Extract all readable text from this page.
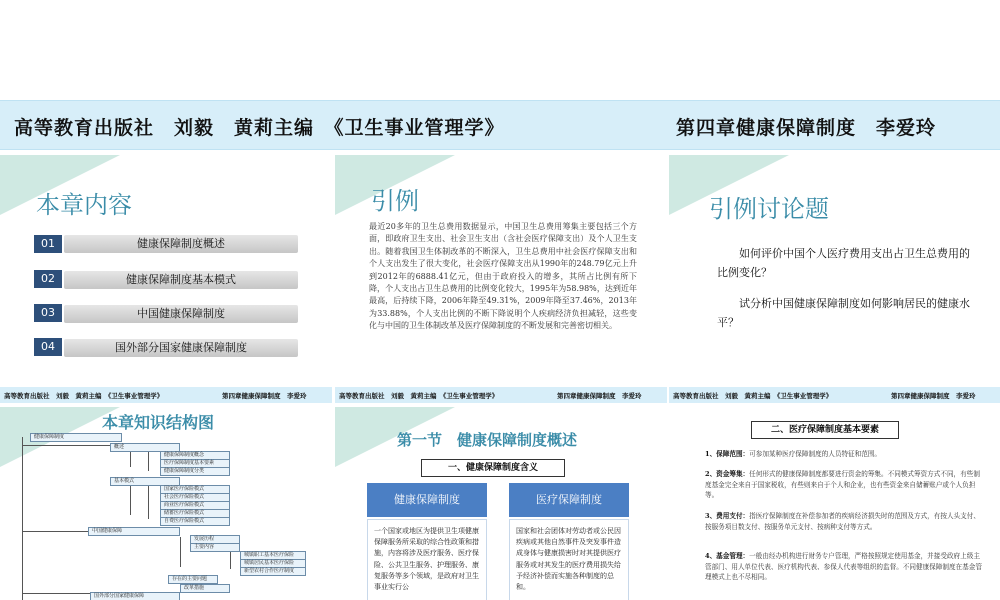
高等教育出版社　刘毅　黄莉主编　《卫生事业管理学》	第四章健康保障制度　李爱玲
本章内容
01	健康保障制度概述
02	健康保障制度基本模式
03	中国健康保障制度
04	国外部分国家健康保障制度
高等教育出版社　刘毅　黄莉主编　《卫生事业管理学》	第四章健康保障制度　李爱玲
引例
最近20多年的卫生总费用数据显示，中国卫生总费用筹集主要包括三个方面，即政府卫生支出、社会卫生支出（含社会医疗保障支出）及个人卫生支出。随着我国卫生体制改革的不断深入，卫生总费用中社会医疗保障支出和个人支出发生了很大变化，社会医疗保障支出从1990年的248.79亿元上升到2012年的6888.41亿元，但由于政府投入的增多，其所占比例有所下降，个人支出占卫生总费用的比例变化较大，1995年为58.98%，达到近年最高，后持续下降，2006年降至49.31%，2009年降至37.46%，2013年为33.88%，个人支出比例的不断下降说明个人疾病经济负担减轻，这些变化与中国的卫生体制改革及医疗保障制度的不断发展和完善密切相关。
高等教育出版社　刘毅　黄莉主编　《卫生事业管理学》	第四章健康保障制度　李爱玲
引例讨论题
　　如何评价中国个人医疗费用支出占卫生总费用的比例变化？
　　试分析中国健康保障制度如何影响居民的健康水平？
高等教育出版社　刘毅　黄莉主编　《卫生事业管理学》	第四章健康保障制度　李爱玲
本章知识结构图
健康保障制度
概述
健康保障制度概念
医疗保障制度基本要素
健康保障制度分类
基本模式
国家医疗保险模式
社会医疗保险模式
商业医疗保险模式
储蓄医疗保险模式
自费医疗保险模式
中国健康保障
发展历程
主要内容
城镇职工基本医疗保险
城镇居民基本医疗保险
新型农村合作医疗制度
存在的主要问题
改革措施
国外部分国家健康保障
第一节　健康保障制度概述
一、健康保障制度含义
健康保障制度
一个国家或地区为提供卫生项健康保障服务所采取的综合性政策和措施，内容将涉及医疗服务、医疗保险、公共卫生服务、护理服务、康复服务等多个领域，是政府对卫生事业实行公
医疗保障制度
国家和社会团体对劳动者或公民因疾病或其他自然事件及突发事件造成身体与健康损害时对其提供医疗服务或对其发生的医疗费用损失给予经济补偿而实施各种制度的总和。
二、医疗保障制度基本要素
1、保障范围：可参加某种医疗保障制度的人员特征和范围。
2、资金筹集：任何形式的健康保障制度都要进行资金的筹集。不同模式筹资方式不同，有些制度基金完全来自于国家税收，有些则来自于个人和企业，也有些资金来自储蓄账户或个人负担等。
3、费用支付：指医疗保障制度在补偿参加者的疾病经济损失时的范围及方式，有按人头支付、按服务项目数支付、按服务单元支付、按病种支付等方式。
4、基金管理：一般由经办机构进行财务专户管理，严格按照规定使用基金，并接受政府上级主管部门、用人单位代表、医疗机构代表、参保人代表等组织的监督。不同健康保障制度在基金管理模式上也不尽相同。
